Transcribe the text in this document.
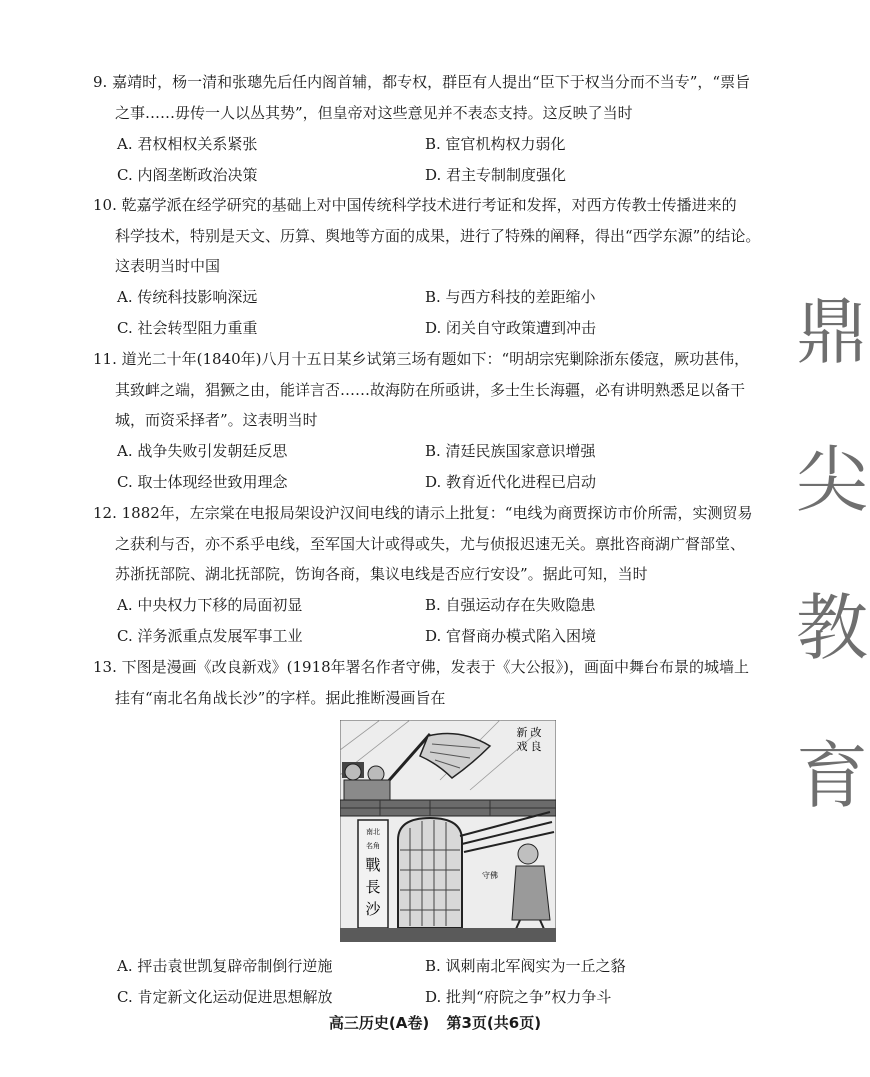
9. 嘉靖时，杨一清和张璁先后任内阁首辅，都专权，群臣有人提出“臣下于权当分而不当专”，“票旨
之事……毋传一人以丛其势”，但皇帝对这些意见并不表态支持。这反映了当时
A. 君权相权关系紧张	B. 宦官机构权力弱化
C. 内阁垄断政治决策	D. 君主专制制度强化
10. 乾嘉学派在经学研究的基础上对中国传统科学技术进行考证和发挥，对西方传教士传播进来的
科学技术，特别是天文、历算、舆地等方面的成果，进行了特殊的阐释，得出“西学东源”的结论。
这表明当时中国
A. 传统科技影响深远	B. 与西方科技的差距缩小
C. 社会转型阻力重重	D. 闭关自守政策遭到冲击
11. 道光二十年(1840年)八月十五日某乡试第三场有题如下：“明胡宗宪剿除浙东倭寇，厥功甚伟，
其致衅之端，猖獗之由，能详言否……故海防在所亟讲，多士生长海疆，必有讲明熟悉足以备干
城，而资采择者”。这表明当时
A. 战争失败引发朝廷反思	B. 清廷民族国家意识增强
C. 取士体现经世致用理念	D. 教育近代化进程已启动
12. 1882年，左宗棠在电报局架设沪汉间电线的请示上批复：“电线为商贾探访市价所需，实测贸易
之获利与否，亦不系乎电线，至军国大计或得或失，尤与侦报迟速无关。禀批咨商湖广督部堂、
苏浙抚部院、湖北抚部院，饬询各商，集议电线是否应行安设”。据此可知，当时
A. 中央权力下移的局面初显	B. 自强运动存在失败隐患
C. 洋务派重点发展军事工业	D. 官督商办模式陷入困境
13. 下图是漫画《改良新戏》(1918年署名作者守佛，发表于《大公报》)，画面中舞台布景的城墙上
挂有“南北名角战长沙”的字样。据此推断漫画旨在
南北
名角
戰
長
沙
守佛
改
良
新
戏
A. 抨击袁世凯复辟帝制倒行逆施	B. 讽刺南北军阀实为一丘之貉
C. 肯定新文化运动促进思想解放	D. 批判“府院之争”权力争斗
鼎
尖
教
育
高三历史(A卷) 第3页(共6页)
